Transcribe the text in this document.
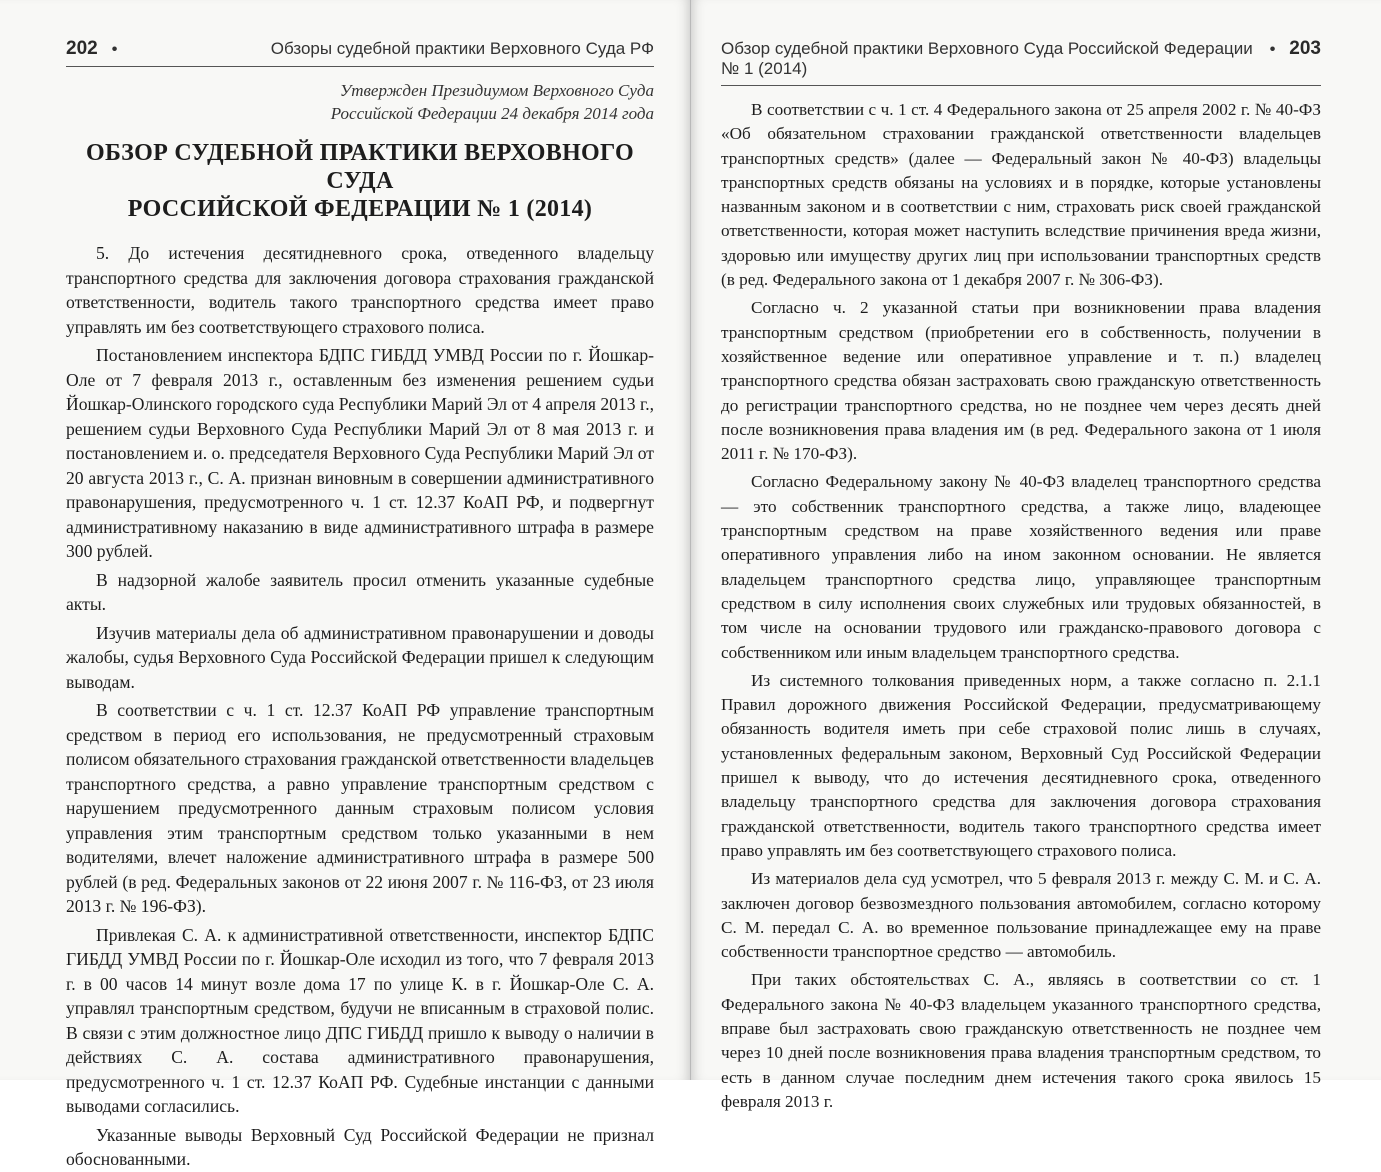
202 •	Обзоры судебной практики Верховного Суда РФ
Утвержден Президиумом Верховного Суда
Российской Федерации 24 декабря 2014 года
ОБЗОР СУДЕБНОЙ ПРАКТИКИ ВЕРХОВНОГО СУДА
РОССИЙСКОЙ ФЕДЕРАЦИИ № 1 (2014)

5. До истечения десятидневного срока, отведенного владельцу транспортного средства для заключения договора страхования гражданской ответственности, водитель такого транспортного средства имеет право управлять им без соответствующего страхового полиса.

Постановлением инспектора БДПС ГИБДД УМВД России по г. Йошкар-Оле от 7 февраля 2013 г., оставленным без изменения решением судьи Йошкар-Олинского городского суда Республики Марий Эл от 4 апреля 2013 г., решением судьи Верховного Суда Республики Марий Эл от 8 мая 2013 г. и постановлением и. о. председателя Верховного Суда Республики Марий Эл от 20 августа 2013 г., С. А. признан виновным в совершении административного правонарушения, предусмотренного ч. 1 ст. 12.37 КоАП РФ, и подвергнут административному наказанию в виде административного штрафа в размере 300 рублей.

В надзорной жалобе заявитель просил отменить указанные судебные акты.

Изучив материалы дела об административном правонарушении и доводы жалобы, судья Верховного Суда Российской Федерации пришел к следующим выводам.

В соответствии с ч. 1 ст. 12.37 КоАП РФ управление транспортным средством в период его использования, не предусмотренный страховым полисом обязательного страхования гражданской ответственности владельцев транспортного средства, а равно управление транспортным средством с нарушением предусмотренного данным страховым полисом условия управления этим транспортным средством только указанными в нем водителями, влечет наложение административного штрафа в размере 500 рублей (в ред. Федеральных законов от 22 июня 2007 г. № 116-ФЗ, от 23 июля 2013 г. № 196-ФЗ).

Привлекая С. А. к административной ответственности, инспектор БДПС ГИБДД УМВД России по г. Йошкар-Оле исходил из того, что 7 февраля 2013 г. в 00 часов 14 минут возле дома 17 по улице К. в г. Йошкар-Оле С. А. управлял транспортным средством, будучи не вписанным в страховой полис. В связи с этим должностное лицо ДПС ГИБДД пришло к выводу о наличии в действиях С. А. состава административного правонарушения, предусмотренного ч. 1 ст. 12.37 КоАП РФ. Судебные инстанции с данными выводами согласились.

Указанные выводы Верховный Суд Российской Федерации не признал обоснованными.

Обзор судебной практики Верховного Суда Российской Федерации № 1 (2014)
• 203

В соответствии с ч. 1 ст. 4 Федерального закона от 25 апреля 2002 г. № 40-ФЗ «Об обязательном страховании гражданской ответственности владельцев транспортных средств» (далее — Федеральный закон № 40-ФЗ) владельцы транспортных средств обязаны на условиях и в порядке, которые установлены названным законом и в соответствии с ним, страховать риск своей гражданской ответственности, которая может наступить вследствие причинения вреда жизни, здоровью или имуществу других лиц при использовании транспортных средств (в ред. Федерального закона от 1 декабря 2007 г. № 306-ФЗ).

Согласно ч. 2 указанной статьи при возникновении права владения транспортным средством (приобретении его в собственность, получении в хозяйственное ведение или оперативное управление и т. п.) владелец транспортного средства обязан застраховать свою гражданскую ответственность до регистрации транспортного средства, но не позднее чем через десять дней после возникновения права владения им (в ред. Федерального закона от 1 июля 2011 г. № 170-ФЗ).

Согласно Федеральному закону № 40-ФЗ владелец транспортного средства — это собственник транспортного средства, а также лицо, владеющее транспортным средством на праве хозяйственного ведения или праве оперативного управления либо на ином законном основании. Не является владельцем транспортного средства лицо, управляющее транспортным средством в силу исполнения своих служебных или трудовых обязанностей, в том числе на основании трудового или гражданско-правового договора с собственником или иным владельцем транспортного средства.

Из системного толкования приведенных норм, а также согласно п. 2.1.1 Правил дорожного движения Российской Федерации, предусматривающему обязанность водителя иметь при себе страховой полис лишь в случаях, установленных федеральным законом, Верховный Суд Российской Федерации пришел к выводу, что до истечения десятидневного срока, отведенного владельцу транспортного средства для заключения договора страхования гражданской ответственности, водитель такого транспортного средства имеет право управлять им без соответствующего страхового полиса.

Из материалов дела суд усмотрел, что 5 февраля 2013 г. между С. М. и С. А. заключен договор безвозмездного пользования автомобилем, согласно которому С. М. передал С. А. во временное пользование принадлежащее ему на праве собственности транспортное средство — автомобиль.

При таких обстоятельствах С. А., являясь в соответствии со ст. 1 Федерального закона № 40-ФЗ владельцем указанного транспортного средства, вправе был застраховать свою гражданскую ответственность не позднее чем через 10 дней после возникновения права владения транспортным средством, то есть в данном случае последним днем истечения такого срока явилось 15 февраля 2013 г.
